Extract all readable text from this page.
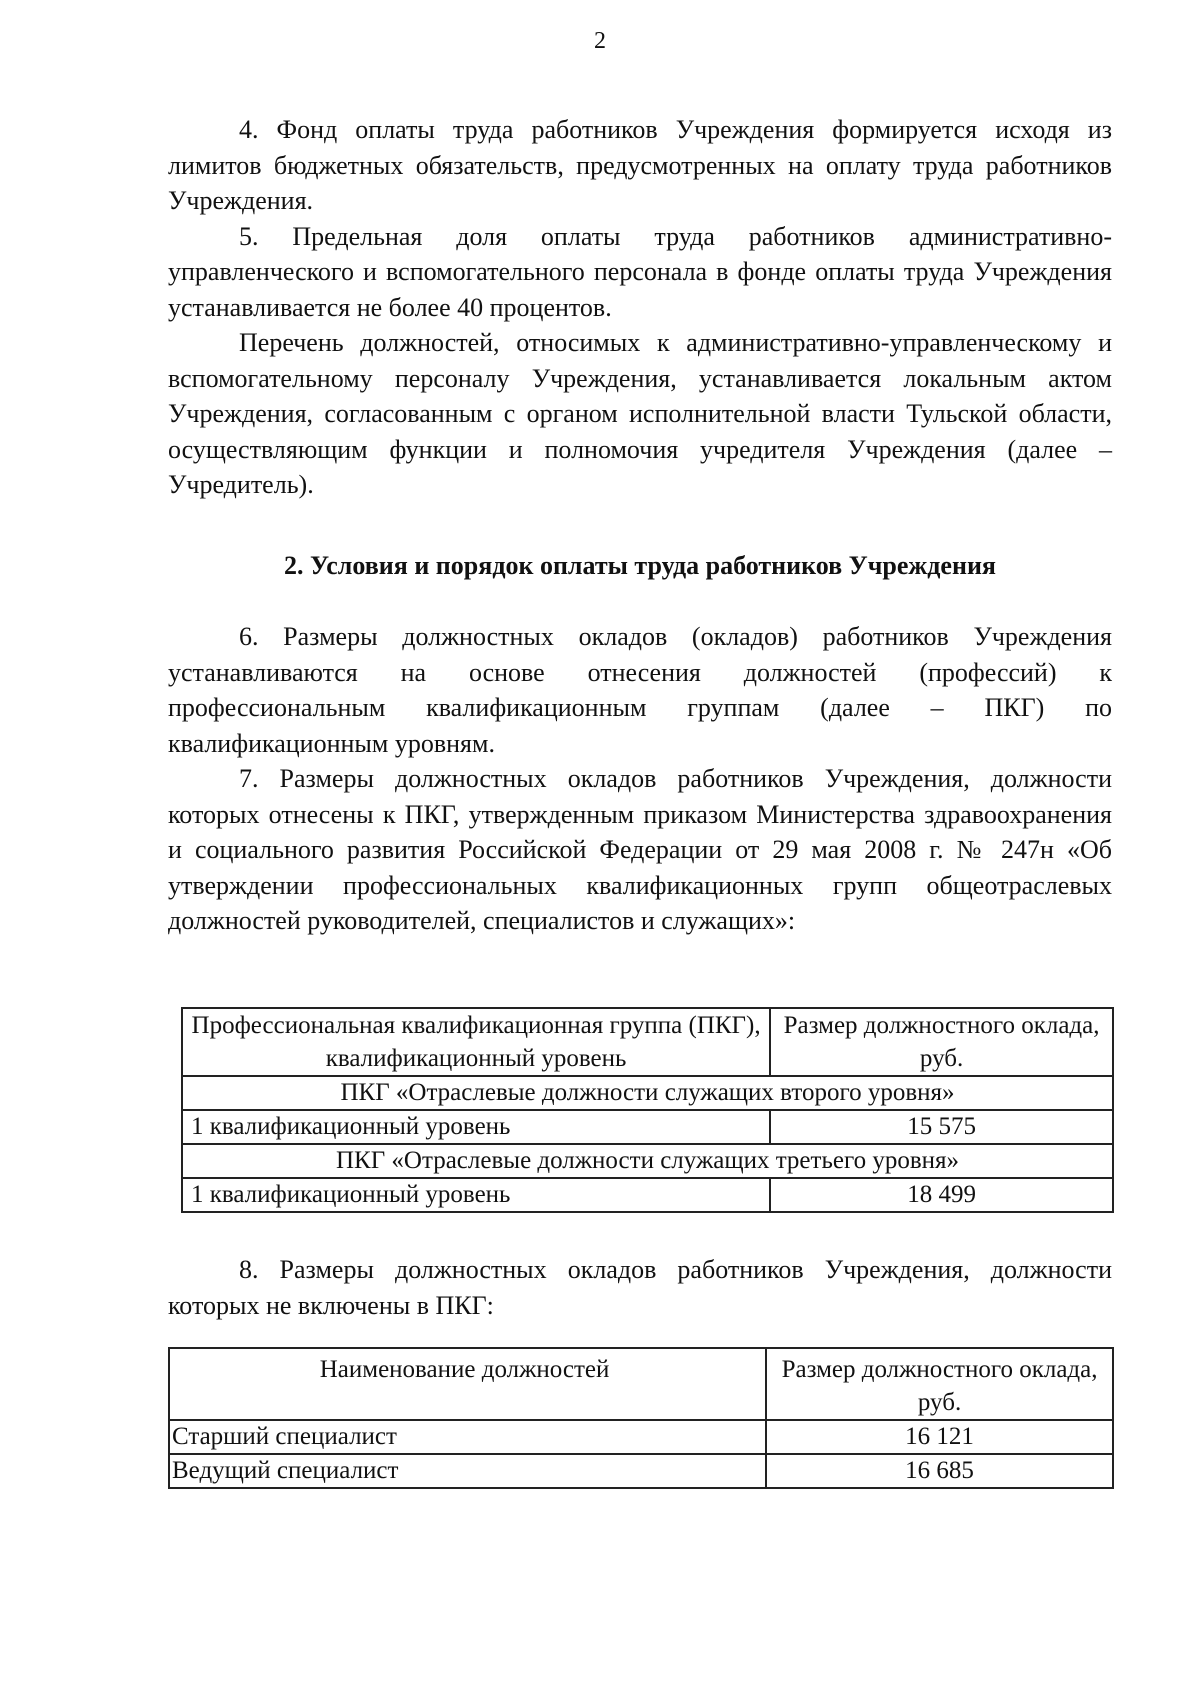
2

4. Фонд оплаты труда работников Учреждения формируется исходя из лимитов бюджетных обязательств, предусмотренных на оплату труда работников Учреждения.

5. Предельная доля оплаты труда работников административно-управленческого и вспомогательного персонала в фонде оплаты труда Учреждения устанавливается не более 40 процентов.

Перечень должностей, относимых к административно-управленческому и вспомогательному персоналу Учреждения, устанавливается локальным актом Учреждения, согласованным с органом исполнительной власти Тульской области, осуществляющим функции и полномочия учредителя Учреждения (далее – Учредитель).

2. Условия и порядок оплаты труда работников Учреждения

6. Размеры должностных окладов (окладов) работников Учреждения устанавливаются на основе отнесения должностей (профессий) к профессиональным квалификационным группам (далее – ПКГ) по квалификационным уровням.

7. Размеры должностных окладов работников Учреждения, должности которых отнесены к ПКГ, утвержденным приказом Министерства здравоохранения и социального развития Российской Федерации от 29 мая 2008 г. № 247н «Об утверждении профессиональных квалификационных групп общеотраслевых должностей руководителей, специалистов и служащих»:

Профессиональная квалификационная группа (ПКГ), квалификационный уровень	Размер должностного оклада, руб.
ПКГ «Отраслевые должности служащих второго уровня»	
1 квалификационный уровень	15 575
ПКГ «Отраслевые должности служащих третьего уровня»	
1 квалификационный уровень	18 499

8. Размеры должностных окладов работников Учреждения, должности которых не включены в ПКГ:

Наименование должностей	Размер должностного оклада, руб.
Старший специалист	16 121
Ведущий специалист	16 685
